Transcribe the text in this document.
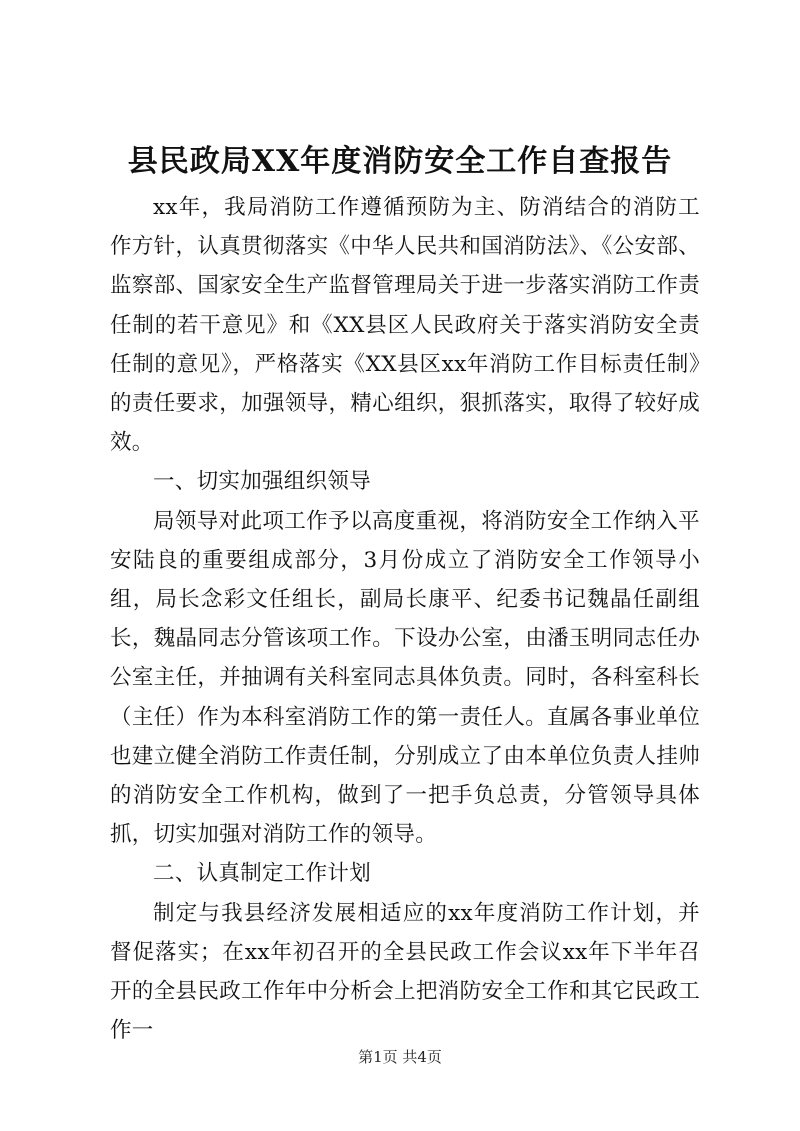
县民政局XX年度消防安全工作自查报告

xx年，我局消防工作遵循预防为主、防消结合的消防工作方针，认真贯彻落实《中华人民共和国消防法》、《公安部、监察部、国家安全生产监督管理局关于进一步落实消防工作责任制的若干意见》和《XX县区人民政府关于落实消防安全责任制的意见》，严格落实《XX县区xx年消防工作目标责任制》的责任要求，加强领导，精心组织，狠抓落实，取得了较好成效。

一、切实加强组织领导

局领导对此项工作予以高度重视，将消防安全工作纳入平安陆良的重要组成部分，3月份成立了消防安全工作领导小组，局长念彩文任组长，副局长康平、纪委书记魏晶任副组长，魏晶同志分管该项工作。下设办公室，由潘玉明同志任办公室主任，并抽调有关科室同志具体负责。同时，各科室科长（主任）作为本科室消防工作的第一责任人。直属各事业单位也建立健全消防工作责任制，分别成立了由本单位负责人挂帅的消防安全工作机构，做到了一把手负总责，分管领导具体抓，切实加强对消防工作的领导。

二、认真制定工作计划

制定与我县经济发展相适应的xx年度消防工作计划，并督促落实；在xx年初召开的全县民政工作会议xx年下半年召开的全县民政工作年中分析会上把消防安全工作和其它民政工作一

第1页 共4页
